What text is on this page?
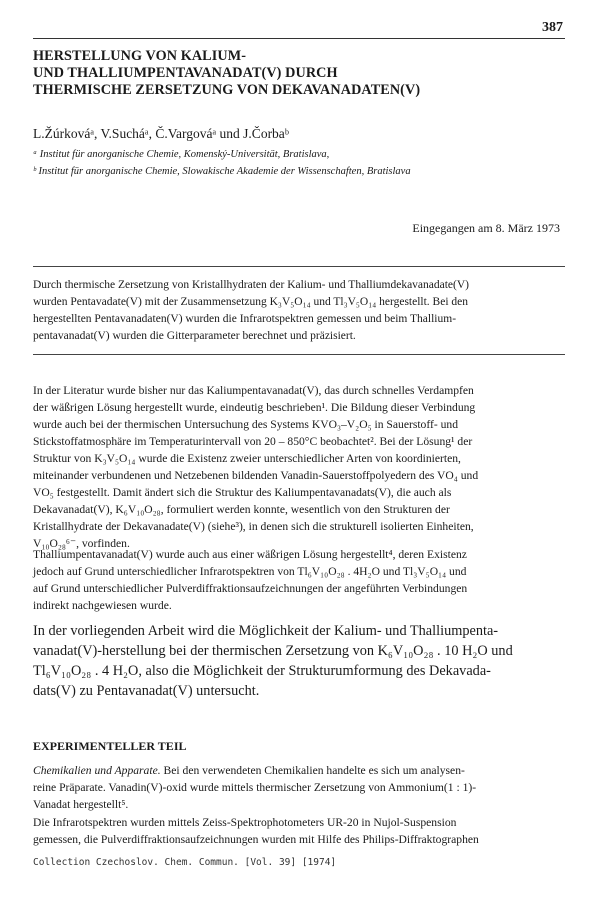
387
HERSTELLUNG VON KALIUM-
UND THALLIUMPENTAVANADAT(V) DURCH
THERMISCHE ZERSETZUNG VON DEKAVANADATEN(V)
L.Žúrkováᵃ, V.Sucháᵃ, Č.Vargováᵃ und J.Čorbaᵇ
ᵃ Institut für anorganische Chemie, Komenský-Universität, Bratislava,
ᵇ Institut für anorganische Chemie, Slowakische Akademie der Wissenschaften, Bratislava
Eingegangen am 8. März 1973
Durch thermische Zersetzung von Kristallhydraten der Kalium- und Thalliumdekavanadate(V)
wurden Pentavadate(V) mit der Zusammensetzung K₃V₅O₁₄ und Tl₃V₅O₁₄ hergestellt. Bei den
hergestellten Pentavanadaten(V) wurden die Infrarotspektren gemessen und beim Thallium-
pentavanadat(V) wurden die Gitterparameter berechnet und präzisiert.
In der Literatur wurde bisher nur das Kaliumpentavanadat(V), das durch schnelles Verdampfen
der wäßrigen Lösung hergestellt wurde, eindeutig beschrieben¹. Die Bildung dieser Verbindung
wurde auch bei der thermischen Untersuchung des Systems KVO₃–V₂O₅ in Sauerstoff- und
Stickstoffatmosphäre im Temperaturintervall von 20 – 850°C beobachtet². Bei der Lösung¹ der
Struktur von K₃V₅O₁₄ wurde die Existenz zweier unterschiedlicher Arten von koordinierten,
miteinander verbundenen und Netzebenen bildenden Vanadin-Sauerstoffpolyedern des VO₄ und
VO₅ festgestellt. Damit ändert sich die Struktur des Kaliumpentavanadats(V), die auch als
Dekavanadat(V), K₆V₁₀O₂₈, formuliert werden konnte, wesentlich von den Strukturen der
Kristallhydrate der Dekavanadate(V) (siehe³), in denen sich die strukturell isolierten Einheiten,
V₁₀O₂₈⁶⁻, vorfinden.
Thalliumpentavanadat(V) wurde auch aus einer wäßrigen Lösung hergestellt⁴, deren Existenz
jedoch auf Grund unterschiedlicher Infrarotspektren von Tl₆V₁₀O₂₈ . 4H₂O und Tl₃V₅O₁₄ und
auf Grund unterschiedlicher Pulverdiffraktionsaufzeichnungen der angeführten Verbindungen
indirekt nachgewiesen wurde.
In der vorliegenden Arbeit wird die Möglichkeit der Kalium- und Thalliumpenta-
vanadat(V)-herstellung bei der thermischen Zersetzung von K₆V₁₀O₂₈ . 10 H₂O und
Tl₆V₁₀O₂₈ . 4 H₂O, also die Möglichkeit der Strukturumformung des Dekavada-
dats(V) zu Pentavanadat(V) untersucht.
EXPERIMENTELLER TEIL
Chemikalien und Apparate. Bei den verwendeten Chemikalien handelte es sich um analysen-
reine Präparate. Vanadin(V)-oxid wurde mittels thermischer Zersetzung von Ammonium(1 : 1)-
Vanadat hergestellt⁵.
Die Infrarotspektren wurden mittels Zeiss-Spektrophotometers UR-20 in Nujol-Suspension
gemessen, die Pulverdiffraktionsaufzeichnungen wurden mit Hilfe des Philips-Diffraktographen
Collection Czechoslov. Chem. Commun. [Vol. 39] [1974]
